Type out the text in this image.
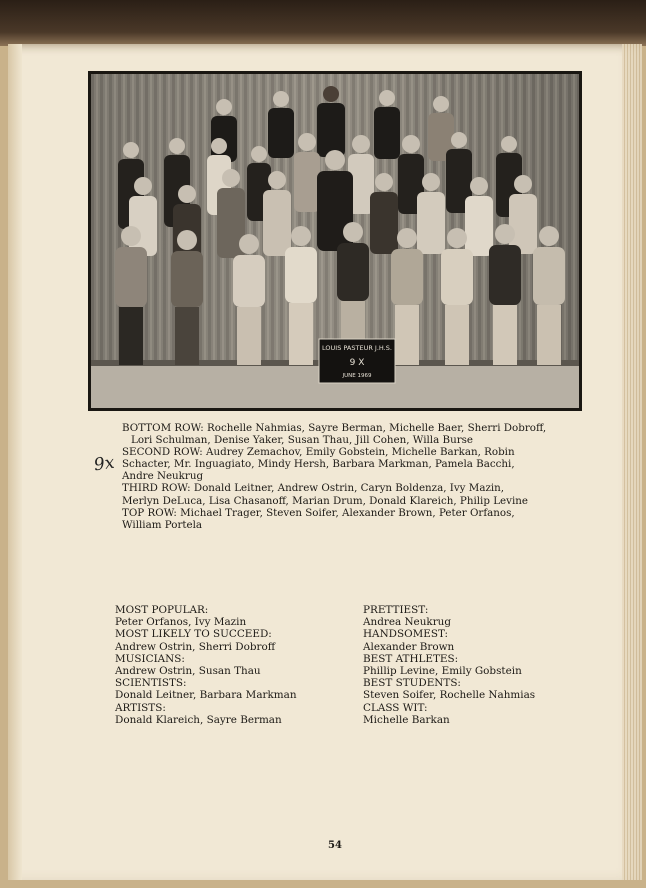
LOUIS PASTEUR J.H.S.
9 X
JUNE 1969
9x
BOTTOM ROW: Rochelle Nahmias, Sayre Berman, Michelle Baer, Sherri Dobroff,
Lori Schulman, Denise Yaker, Susan Thau, Jill Cohen, Willa Burse
SECOND ROW: Audrey Zemachov, Emily Gobstein, Michelle Barkan, Robin
Schacter, Mr. Inguagiato, Mindy Hersh, Barbara Markman, Pamela Bacchi,
Andre Neukrug
THIRD ROW: Donald Leitner, Andrew Ostrin, Caryn Boldenza, Ivy Mazin,
Merlyn DeLuca, Lisa Chasanoff, Marian Drum, Donald Klareich, Philip Levine
TOP ROW: Michael Trager, Steven Soifer, Alexander Brown, Peter Orfanos,
William Portela
MOST POPULAR:
Peter Orfanos, Ivy Mazin
MOST LIKELY TO SUCCEED:
Andrew Ostrin, Sherri Dobroff
MUSICIANS:
Andrew Ostrin, Susan Thau
SCIENTISTS:
Donald Leitner, Barbara Markman
ARTISTS:
Donald Klareich, Sayre Berman
PRETTIEST:
Andrea Neukrug
HANDSOMEST:
Alexander Brown
BEST ATHLETES:
Phillip Levine, Emily Gobstein
BEST STUDENTS:
Steven Soifer, Rochelle Nahmias
CLASS WIT:
Michelle Barkan
54
